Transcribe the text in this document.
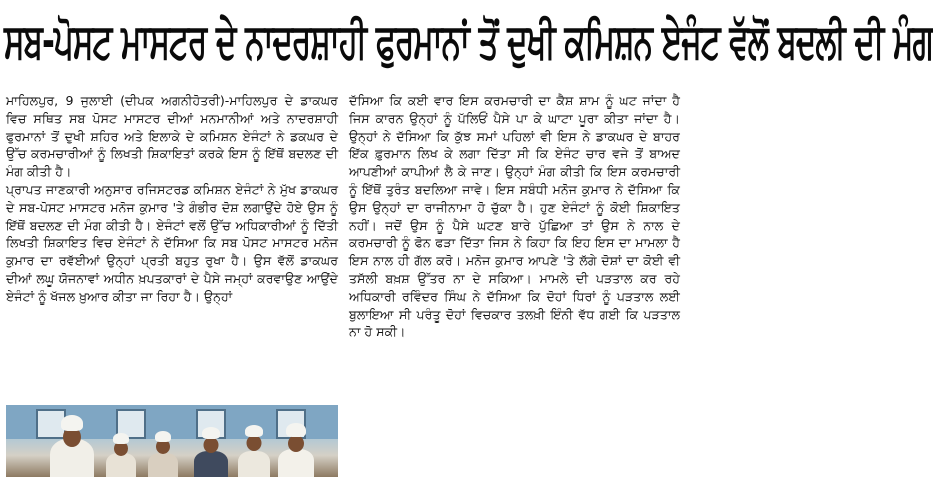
ਸਬ-ਪੋਸਟ ਮਾਸਟਰ ਦੇ ਨਾਦਰਸ਼ਾਹੀ ਫੁਰਮਾਨਾਂ ਤੋਂ ਦੁਖੀ ਕਮਿਸ਼ਨ ਏਜੰਟ ਵੱਲੋਂ ਬਦਲੀ ਦੀ ਮੰਗ

ਮਾਹਿਲਪੁਰ, 9 ਜੁਲਾਈ (ਦੀਪਕ ਅਗਨੀਹੋਤਰੀ)-ਮਾਹਿਲਪੁਰ ਦੇ ਡਾਕਘਰ ਵਿਚ ਸਥਿਤ ਸਬ ਪੋਸਟ ਮਾਸਟਰ ਦੀਆਂ ਮਨਮਾਨੀਆਂ ਅਤੇ ਨਾਦਰਸ਼ਾਹੀ ਫੁਰਮਾਨਾਂ ਤੋਂ ਦੁਖੀ ਸ਼ਹਿਰ ਅਤੇ ਇਲਾਕੇ ਦੇ ਕਮਿਸ਼ਨ ਏਜੰਟਾਂ ਨੇ ਡਕਘਰ ਦੇ ਉੱਚ ਕਰਮਚਾਰੀਆਂ ਨੂੰ ਲਿਖਤੀ ਸ਼ਿਕਾਇਤਾਂ ਕਰਕੇ ਇਸ ਨੂੰ ਇੱਥੋਂ ਬਦਲਣ ਦੀ ਮੰਗ ਕੀਤੀ ਹੈ।

ਪ੍ਰਾਪਤ ਜਾਣਕਾਰੀ ਅਨੁਸਾਰ ਰਜਿਸਟਰਡ ਕਮਿਸ਼ਨ ਏਜੰਟਾਂ ਨੇ ਮੁੱਖ ਡਾਕਘਰ ਦੇ ਸਬ-ਪੋਸਟ ਮਾਸਟਰ ਮਨੋਜ ਕੁਮਾਰ 'ਤੇ ਗੰਭੀਰ ਦੋਸ਼ ਲਗਾਉਂਦੇ ਹੋਏ ਉਸ ਨੂੰ ਇੱਥੋਂ ਬਦਲਣ ਦੀ ਮੰਗ ਕੀਤੀ ਹੈ। ਏਜੰਟਾਂ ਵਲੋਂ ਉੱਚ ਅਧਿਕਾਰੀਆਂ ਨੂੰ ਦਿੱਤੀ ਲਿਖਤੀ ਸ਼ਿਕਾਇਤ ਵਿਚ ਏਜੰਟਾਂ ਨੇ ਦੱਸਿਆ ਕਿ ਸਬ ਪੋਸਟ ਮਾਸਟਰ ਮਨੋਜ ਕੁਮਾਰ ਦਾ ਰਵੱਈਆਂ ਉਨ੍ਹਾਂ ਪ੍ਰਤੀ ਬਹੁਤ ਰੁਖਾ ਹੈ। ਉਸ ਵੱਲੋਂ ਡਾਕਘਰ ਦੀਆਂ ਲਘੂ ਯੋਜਨਾਵਾਂ ਅਧੀਨ ਖ਼ਪਤਕਾਰਾਂ ਦੇ ਪੈਸੇ ਜਮ੍ਹਾਂ ਕਰਵਾਉਣ ਆਉਂਦੇ ਏਜੰਟਾਂ ਨੂੰ ਖੱਜਲ ਖ਼ੁਆਰ ਕੀਤਾ ਜਾ ਰਿਹਾ ਹੈ। ਉਨ੍ਹਾਂ

ਦੱਸਿਆ ਕਿ ਕਈ ਵਾਰ ਇਸ ਕਰਮਚਾਰੀ ਦਾ ਕੈਸ਼ ਸ਼ਾਮ ਨੂੰ ਘਟ ਜਾਂਦਾ ਹੈ ਜਿਸ ਕਾਰਨ ਉਨ੍ਹਾਂ ਨੂੰ ਪੱਲਿਓਂ ਪੈਸੇ ਪਾ ਕੇ ਘਾਟਾ ਪੂਰਾ ਕੀਤਾ ਜਾਂਦਾ ਹੈ। ਉਨ੍ਹਾਂ ਨੇ ਦੱਸਿਆ ਕਿ ਕੁੱਝ ਸਮਾਂ ਪਹਿਲਾਂ ਵੀ ਇਸ ਨੇ ਡਾਕਘਰ ਦੇ ਬਾਹਰ ਇੱਕ ਫ਼ੁਰਮਾਨ ਲਿਖ ਕੇ ਲਗਾ ਦਿੱਤਾ ਸੀ ਕਿ ਏਜੰਟ ਚਾਰ ਵਜੇ ਤੋਂ ਬਾਅਦ ਆਪਣੀਆਂ ਕਾਪੀਆਂ ਲੈ ਕੇ ਜਾਣ। ਉਨ੍ਹਾਂ ਮੰਗ ਕੀਤੀ ਕਿ ਇਸ ਕਰਮਚਾਰੀ ਨੂੰ ਇੱਥੋਂ ਤੁਰੰਤ ਬਦਲਿਆ ਜਾਵੇ। ਇਸ ਸਬੰਧੀ ਮਨੋਜ ਕੁਮਾਰ ਨੇ ਦੱਸਿਆ ਕਿ ਉਸ ਉਨ੍ਹਾਂ ਦਾ ਰਾਜੀਨਾਮਾ ਹੋ ਚੁੱਕਾ ਹੈ। ਹੁਣ ਏਜੰਟਾਂ ਨੂੰ ਕੋਈ ਸ਼ਿਕਾਇਤ ਨਹੀਂ। ਜਦੋਂ ਉਸ ਨੂੰ ਪੈਸੇ ਘਟਣ ਬਾਰੇ ਪੁੱਛਿਆ ਤਾਂ ਉਸ ਨੇ ਨਾਲ ਦੇ ਕਰਮਚਾਰੀ ਨੂੰ ਫੋਨ ਫੜਾ ਦਿੱਤਾ ਜਿਸ ਨੇ ਕਿਹਾ ਕਿ ਇਹ ਇਸ ਦਾ ਮਾਮਲਾ ਹੈ ਇਸ ਨਾਲ ਹੀ ਗੱਲ ਕਰੋ। ਮਨੋਜ ਕੁਮਾਰ ਆਪਣੇ 'ਤੇ ਲੱਗੇ ਦੋਸ਼ਾਂ ਦਾ ਕੋਈ ਵੀ ਤਸੱਲੀ ਬਖ਼ਸ਼ ਉੱਤਰ ਨਾ ਦੇ ਸਕਿਆ। ਮਾਮਲੇ ਦੀ ਪੜਤਾਲ ਕਰ ਰਹੇ ਅਧਿਕਾਰੀ ਰਵਿੰਦਰ ਸਿੰਘ ਨੇ ਦੱਸਿਆ ਕਿ ਦੋਹਾਂ ਧਿਰਾਂ ਨੂੰ ਪੜਤਾਲ ਲਈ ਬੁਲਾਇਆ ਸੀ ਪਰੰਤੂ ਦੋਹਾਂ ਵਿਚਕਾਰ ਤਲਖ਼ੀ ਇੰਨੀ ਵੱਧ ਗਈ ਕਿ ਪੜਤਾਲ ਨਾ ਹੋ ਸਕੀ।
